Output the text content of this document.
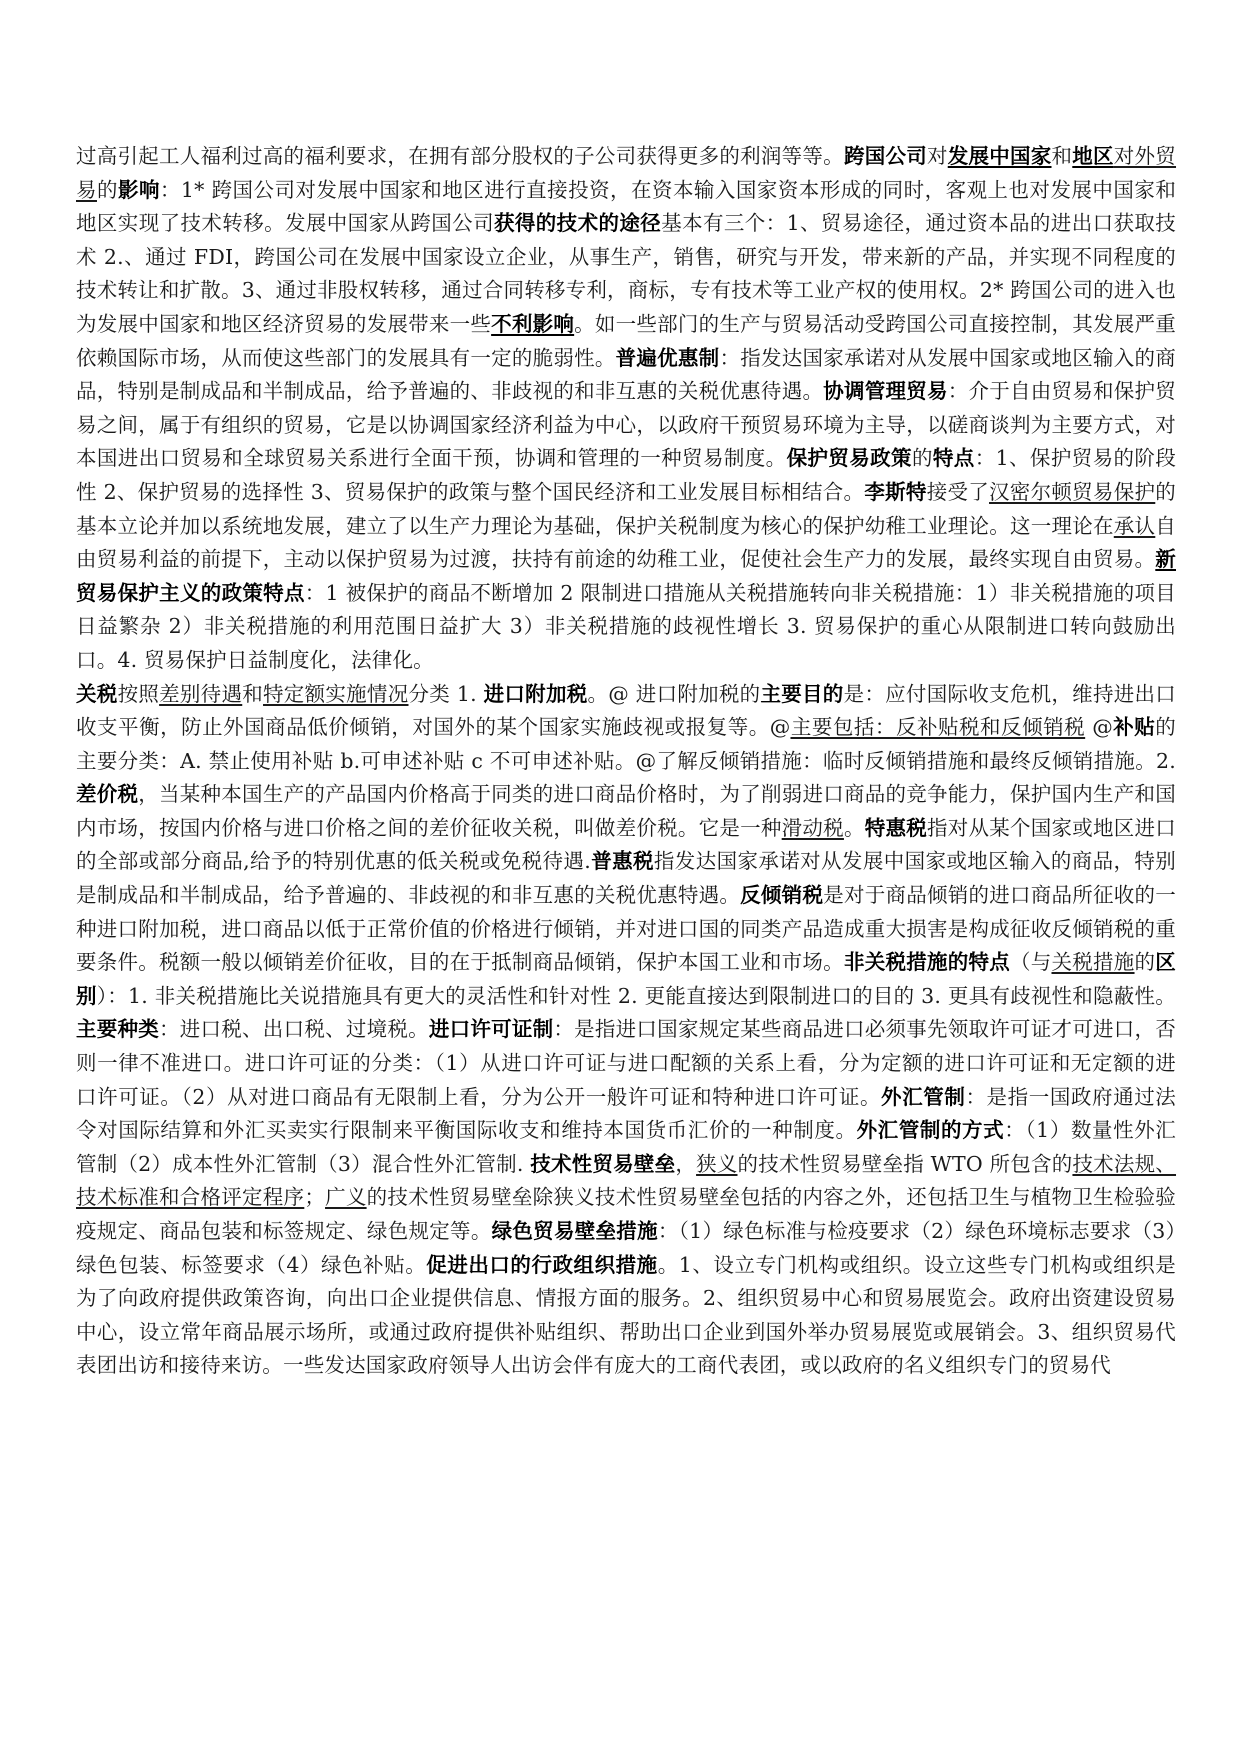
过高引起工人福利过高的福利要求，在拥有部分股权的子公司获得更多的利润等等。跨国公司对发展中国家和地区对外贸易的影响：1* 跨国公司对发展中国家和地区进行直接投资，在资本输入国家资本形成的同时，客观上也对发展中国家和地区实现了技术转移。发展中国家从跨国公司获得的技术的途径基本有三个：1、贸易途径，通过资本品的进出口获取技术 2.、通过 FDI，跨国公司在发展中国家设立企业，从事生产，销售，研究与开发，带来新的产品，并实现不同程度的技术转让和扩散。3、通过非股权转移，通过合同转移专利，商标，专有技术等工业产权的使用权。2* 跨国公司的进入也为发展中国家和地区经济贸易的发展带来一些不利影响。如一些部门的生产与贸易活动受跨国公司直接控制，其发展严重依赖国际市场，从而使这些部门的发展具有一定的脆弱性。普遍优惠制：指发达国家承诺对从发展中国家或地区输入的商品，特别是制成品和半制成品，给予普遍的、非歧视的和非互惠的关税优惠待遇。协调管理贸易：介于自由贸易和保护贸易之间，属于有组织的贸易，它是以协调国家经济利益为中心，以政府干预贸易环境为主导，以磋商谈判为主要方式，对本国进出口贸易和全球贸易关系进行全面干预，协调和管理的一种贸易制度。保护贸易政策的特点：1、保护贸易的阶段性 2、保护贸易的选择性 3、贸易保护的政策与整个国民经济和工业发展目标相结合。李斯特接受了汉密尔顿贸易保护的基本立论并加以系统地发展，建立了以生产力理论为基础，保护关税制度为核心的保护幼稚工业理论。这一理论在承认自由贸易利益的前提下，主动以保护贸易为过渡，扶持有前途的幼稚工业，促使社会生产力的发展，最终实现自由贸易。新贸易保护主义的政策特点：1 被保护的商品不断增加 2 限制进口措施从关税措施转向非关税措施：1）非关税措施的项目日益繁杂 2）非关税措施的利用范围日益扩大 3）非关税措施的歧视性增长 3. 贸易保护的重心从限制进口转向鼓励出口。4. 贸易保护日益制度化，法律化。

关税按照差别待遇和特定额实施情况分类 1. 进口附加税。@ 进口附加税的主要目的是：应付国际收支危机，维持进出口收支平衡，防止外国商品低价倾销，对国外的某个国家实施歧视或报复等。@主要包括：反补贴税和反倾销税 @补贴的主要分类：A. 禁止使用补贴 b.可申述补贴 c 不可申述补贴。@了解反倾销措施：临时反倾销措施和最终反倾销措施。2. 差价税，当某种本国生产的产品国内价格高于同类的进口商品价格时，为了削弱进口商品的竞争能力，保护国内生产和国内市场，按国内价格与进口价格之间的差价征收关税，叫做差价税。它是一种滑动税。特惠税指对从某个国家或地区进口的全部或部分商品,给予的特别优惠的低关税或免税待遇.普惠税指发达国家承诺对从发展中国家或地区输入的商品，特别是制成品和半制成品，给予普遍的、非歧视的和非互惠的关税优惠特遇。反倾销税是对于商品倾销的进口商品所征收的一种进口附加税，进口商品以低于正常价值的价格进行倾销，并对进口国的同类产品造成重大损害是构成征收反倾销税的重要条件。税额一般以倾销差价征收，目的在于抵制商品倾销，保护本国工业和市场。非关税措施的特点（与关税措施的区别）：1. 非关税措施比关说措施具有更大的灵活性和针对性 2. 更能直接达到限制进口的目的 3. 更具有歧视性和隐蔽性。主要种类：进口税、出口税、过境税。进口许可证制：是指进口国家规定某些商品进口必须事先领取许可证才可进口，否则一律不准进口。进口许可证的分类：（1）从进口许可证与进口配额的关系上看，分为定额的进口许可证和无定额的进口许可证。（2）从对进口商品有无限制上看，分为公开一般许可证和特种进口许可证。外汇管制：是指一国政府通过法令对国际结算和外汇买卖实行限制来平衡国际收支和维持本国货币汇价的一种制度。外汇管制的方式：（1）数量性外汇管制（2）成本性外汇管制（3）混合性外汇管制. 技术性贸易壁垒，狭义的技术性贸易壁垒指 WTO 所包含的技术法规、技术标准和合格评定程序；广义的技术性贸易壁垒除狭义技术性贸易壁垒包括的内容之外，还包括卫生与植物卫生检验验疫规定、商品包装和标签规定、绿色规定等。绿色贸易壁垒措施：（1）绿色标准与检疫要求（2）绿色环境标志要求（3）绿色包装、标签要求（4）绿色补贴。促进出口的行政组织措施。1、设立专门机构或组织。设立这些专门机构或组织是为了向政府提供政策咨询，向出口企业提供信息、情报方面的服务。2、组织贸易中心和贸易展览会。政府出资建设贸易中心，设立常年商品展示场所，或通过政府提供补贴组织、帮助出口企业到国外举办贸易展览或展销会。3、组织贸易代表团出访和接待来访。一些发达国家政府领导人出访会伴有庞大的工商代表团，或以政府的名义组织专门的贸易代
